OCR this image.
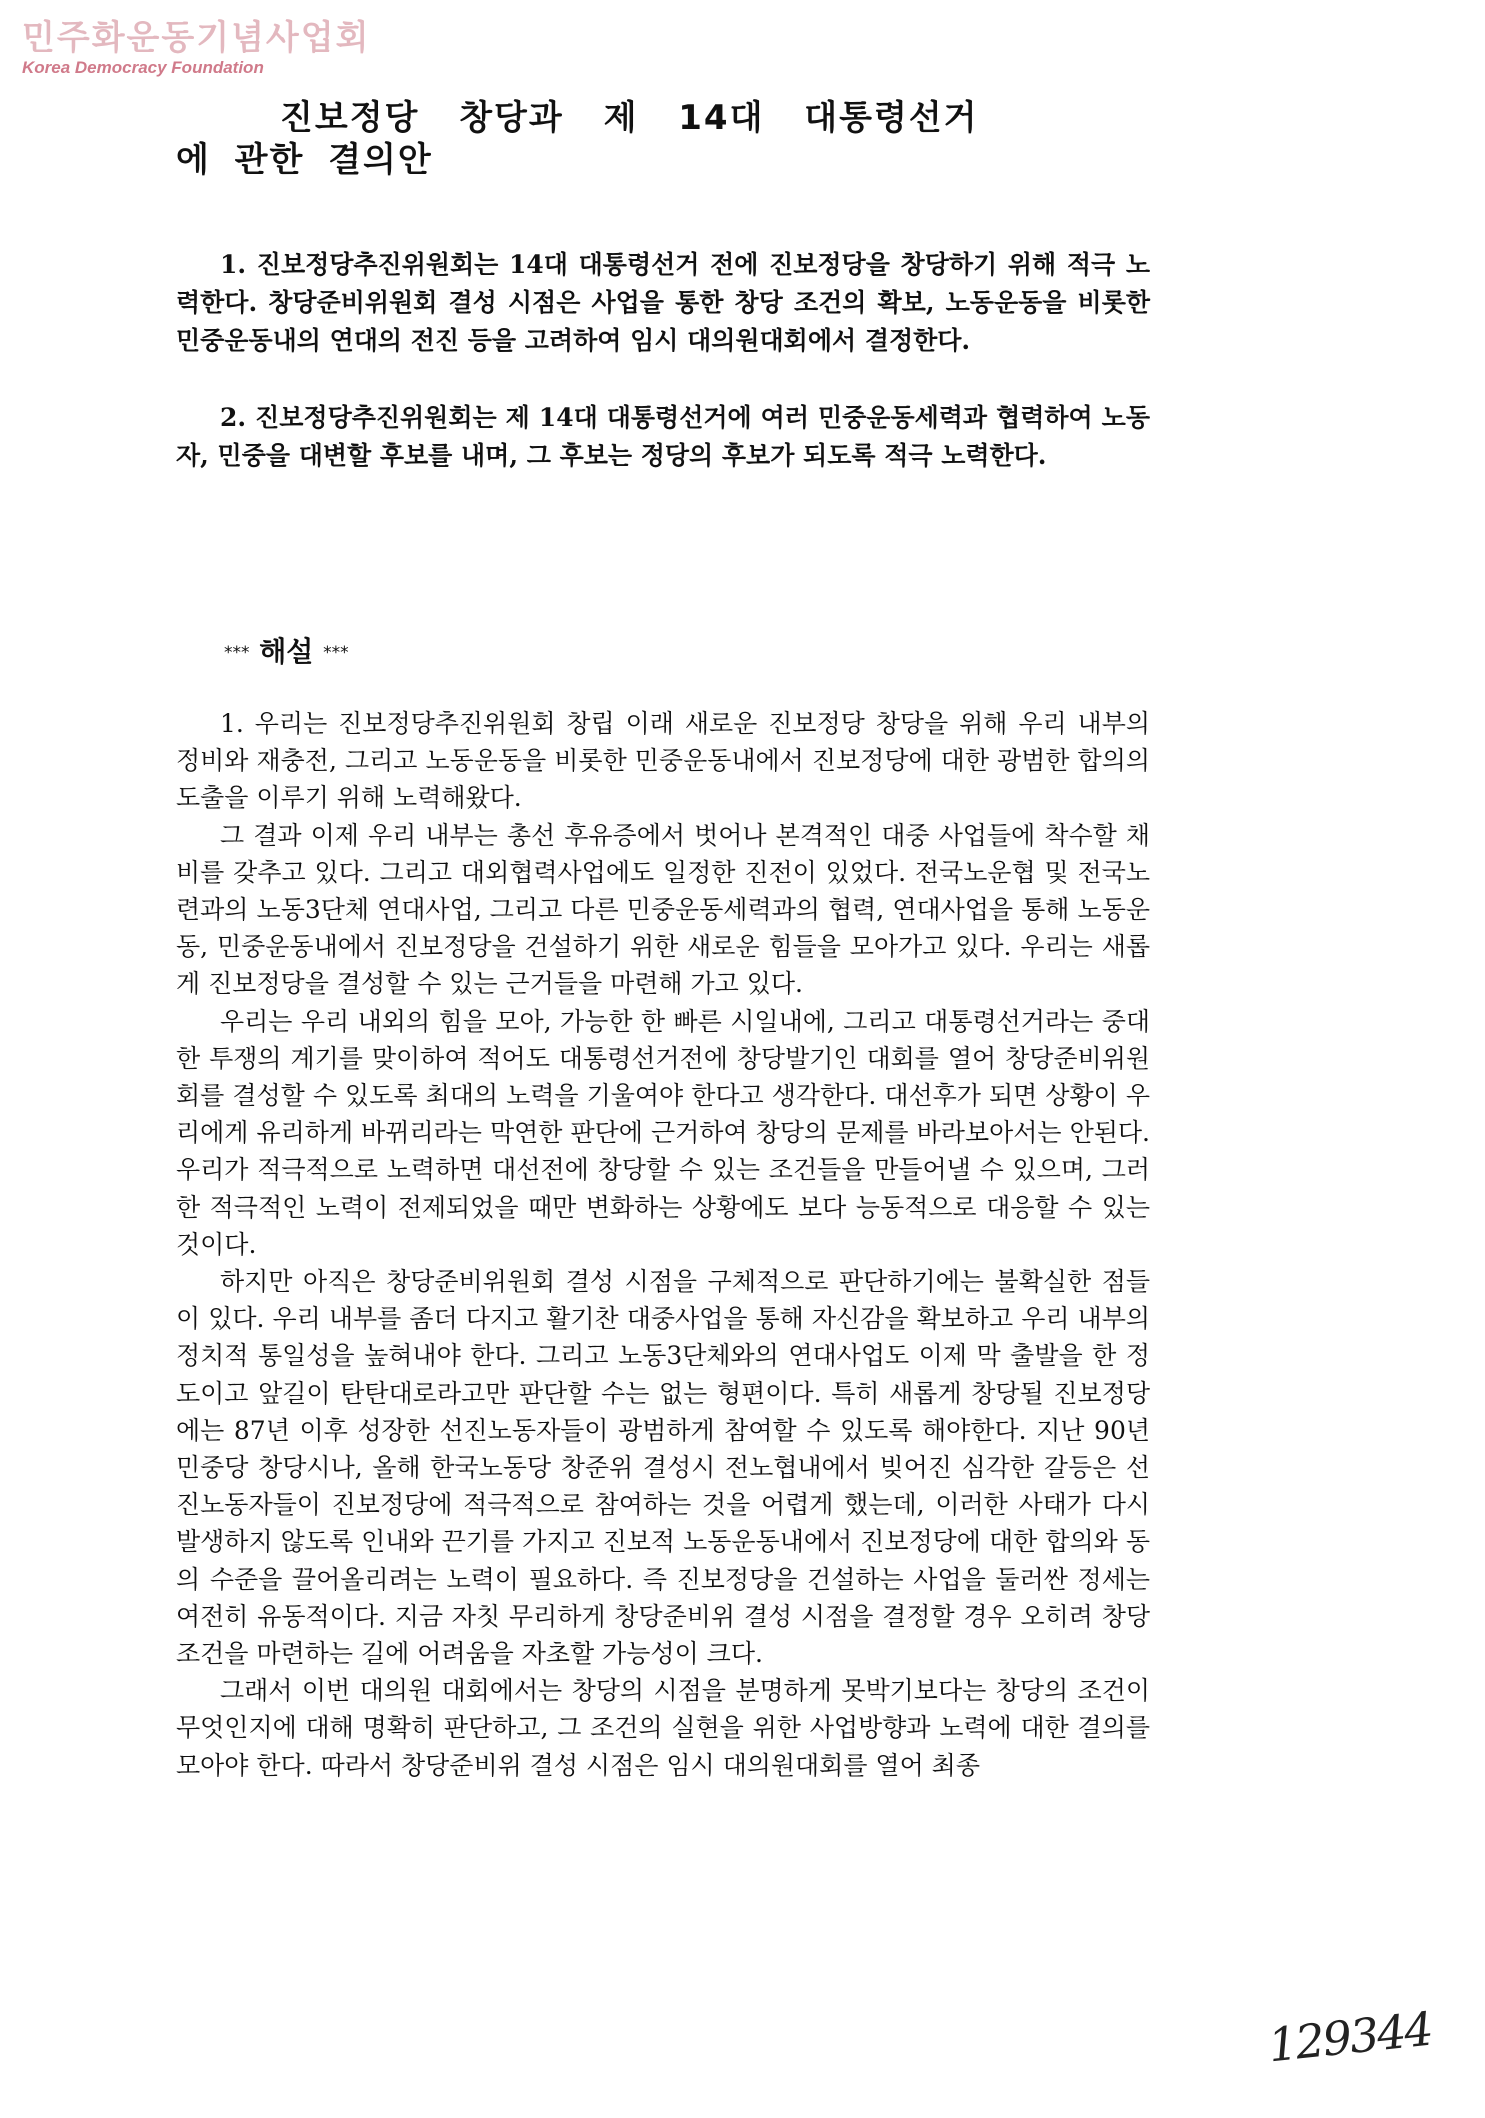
민주화운동기념사업회
Korea Democracy Foundation
진보정당 창당과 제 14대 대통령선거
에 관한 결의안

1. 진보정당추진위원회는 14대 대통령선거 전에 진보정당을 창당하기 위해 적극 노력한다. 창당준비위원회 결성 시점은 사업을 통한 창당 조건의 확보, 노동운동을 비롯한 민중운동내의 연대의 전진 등을 고려하여 임시 대의원대회에서 결정한다.

2. 진보정당추진위원회는 제 14대 대통령선거에 여러 민중운동세력과 협력하여 노동자, 민중을 대변할 후보를 내며, 그 후보는 정당의 후보가 되도록 적극 노력한다.

*** 해설 ***

1. 우리는 진보정당추진위원회 창립 이래 새로운 진보정당 창당을 위해 우리 내부의 정비와 재충전, 그리고 노동운동을 비롯한 민중운동내에서 진보정당에 대한 광범한 합의의 도출을 이루기 위해 노력해왔다.

그 결과 이제 우리 내부는 총선 후유증에서 벗어나 본격적인 대중 사업들에 착수할 채비를 갖추고 있다. 그리고 대외협력사업에도 일정한 진전이 있었다. 전국노운협 및 전국노련과의 노동3단체 연대사업, 그리고 다른 민중운동세력과의 협력, 연대사업을 통해 노동운동, 민중운동내에서 진보정당을 건설하기 위한 새로운 힘들을 모아가고 있다. 우리는 새롭게 진보정당을 결성할 수 있는 근거들을 마련해 가고 있다.

우리는 우리 내외의 힘을 모아, 가능한 한 빠른 시일내에, 그리고 대통령선거라는 중대한 투쟁의 계기를 맞이하여 적어도 대통령선거전에 창당발기인 대회를 열어 창당준비위원회를 결성할 수 있도록 최대의 노력을 기울여야 한다고 생각한다. 대선후가 되면 상황이 우리에게 유리하게 바뀌리라는 막연한 판단에 근거하여 창당의 문제를 바라보아서는 안된다. 우리가 적극적으로 노력하면 대선전에 창당할 수 있는 조건들을 만들어낼 수 있으며, 그러한 적극적인 노력이 전제되었을 때만 변화하는 상황에도 보다 능동적으로 대응할 수 있는 것이다.

하지만 아직은 창당준비위원회 결성 시점을 구체적으로 판단하기에는 불확실한 점들이 있다. 우리 내부를 좀더 다지고 활기찬 대중사업을 통해 자신감을 확보하고 우리 내부의 정치적 통일성을 높혀내야 한다. 그리고 노동3단체와의 연대사업도 이제 막 출발을 한 정도이고 앞길이 탄탄대로라고만 판단할 수는 없는 형편이다. 특히 새롭게 창당될 진보정당에는 87년 이후 성장한 선진노동자들이 광범하게 참여할 수 있도록 해야한다. 지난 90년 민중당 창당시나, 올해 한국노동당 창준위 결성시 전노협내에서 빚어진 심각한 갈등은 선진노동자들이 진보정당에 적극적으로 참여하는 것을 어렵게 했는데, 이러한 사태가 다시 발생하지 않도록 인내와 끈기를 가지고 진보적 노동운동내에서 진보정당에 대한 합의와 동의 수준을 끌어올리려는 노력이 필요하다. 즉 진보정당을 건설하는 사업을 둘러싼 정세는 여전히 유동적이다. 지금 자칫 무리하게 창당준비위 결성 시점을 결정할 경우 오히려 창당 조건을 마련하는 길에 어려움을 자초할 가능성이 크다.

그래서 이번 대의원 대회에서는 창당의 시점을 분명하게 못박기보다는 창당의 조건이 무엇인지에 대해 명확히 판단하고, 그 조건의 실현을 위한 사업방향과 노력에 대한 결의를 모아야 한다. 따라서 창당준비위 결성 시점은 임시 대의원대회를 열어 최종

129344
